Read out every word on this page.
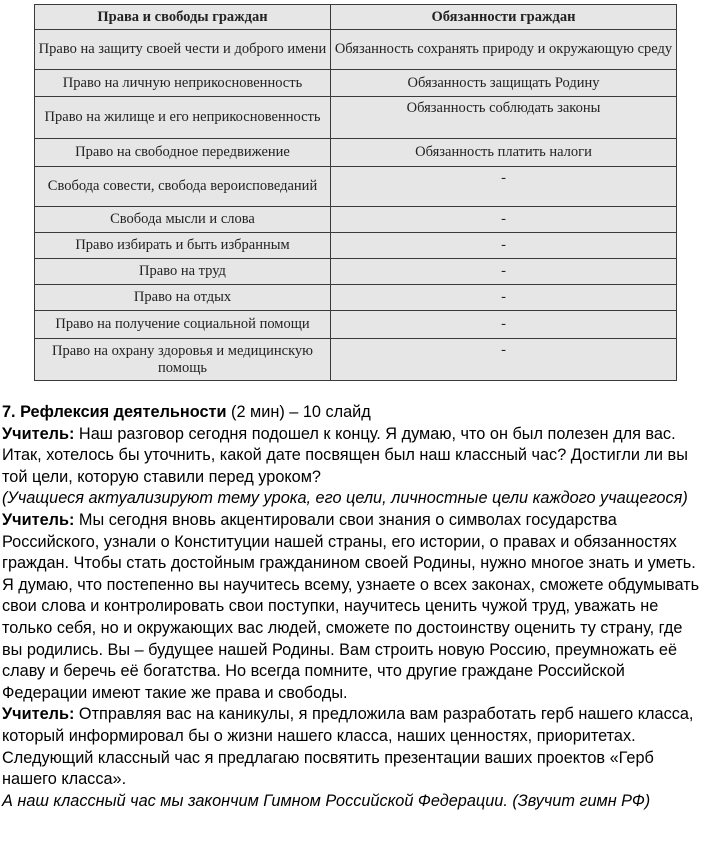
Права и свободы граждан	Обязанности граждан
Право на защиту своей чести и доброго имени	Обязанность сохранять природу и окружающую среду
Право на личную неприкосновенность	Обязанность защищать Родину
Право на жилище и его неприкосновенность	Обязанность соблюдать законы
Право на свободное передвижение	Обязанность платить налоги
Свобода совести, свобода вероисповеданий	-
Свобода мысли и слова	-
Право избирать и быть избранным	-
Право на труд	-
Право на отдых	-
Право на получение социальной помощи	-
Право на охрану здоровья и медицинскую помощь	-

7. Рефлексия деятельности (2 мин) – 10 слайд

Учитель: Наш разговор сегодня подошел к концу. Я думаю, что он был полезен для вас. Итак, хотелось бы уточнить, какой дате посвящен был наш классный час? Достигли ли вы той цели, которую ставили перед уроком?

(Учащиеся актуализируют тему урока, его цели, личностные цели каждого учащегося)

Учитель: Мы сегодня вновь акцентировали свои знания о символах государства Российского, узнали о Конституции нашей страны, его истории, о правах и обязанностях граждан. Чтобы стать достойным гражданином своей Родины, нужно многое знать и уметь. Я думаю, что постепенно вы научитесь всему, узнаете о всех законах, сможете обдумывать свои слова и контролировать свои поступки, научитесь ценить чужой труд, уважать не только себя, но и окружающих вас людей, сможете по достоинству оценить ту страну, где вы родились. Вы – будущее нашей Родины. Вам строить новую Россию, преумножать её славу и беречь её богатства. Но всегда помните, что другие граждане Российской Федерации имеют такие же права и свободы.

Учитель: Отправляя вас на каникулы, я предложила вам разработать герб нашего класса, который информировал бы о жизни нашего класса, наших ценностях, приоритетах. Следующий классный час я предлагаю посвятить презентации ваших проектов «Герб нашего класса».

А наш классный час мы закончим Гимном Российской Федерации. (Звучит гимн РФ)
